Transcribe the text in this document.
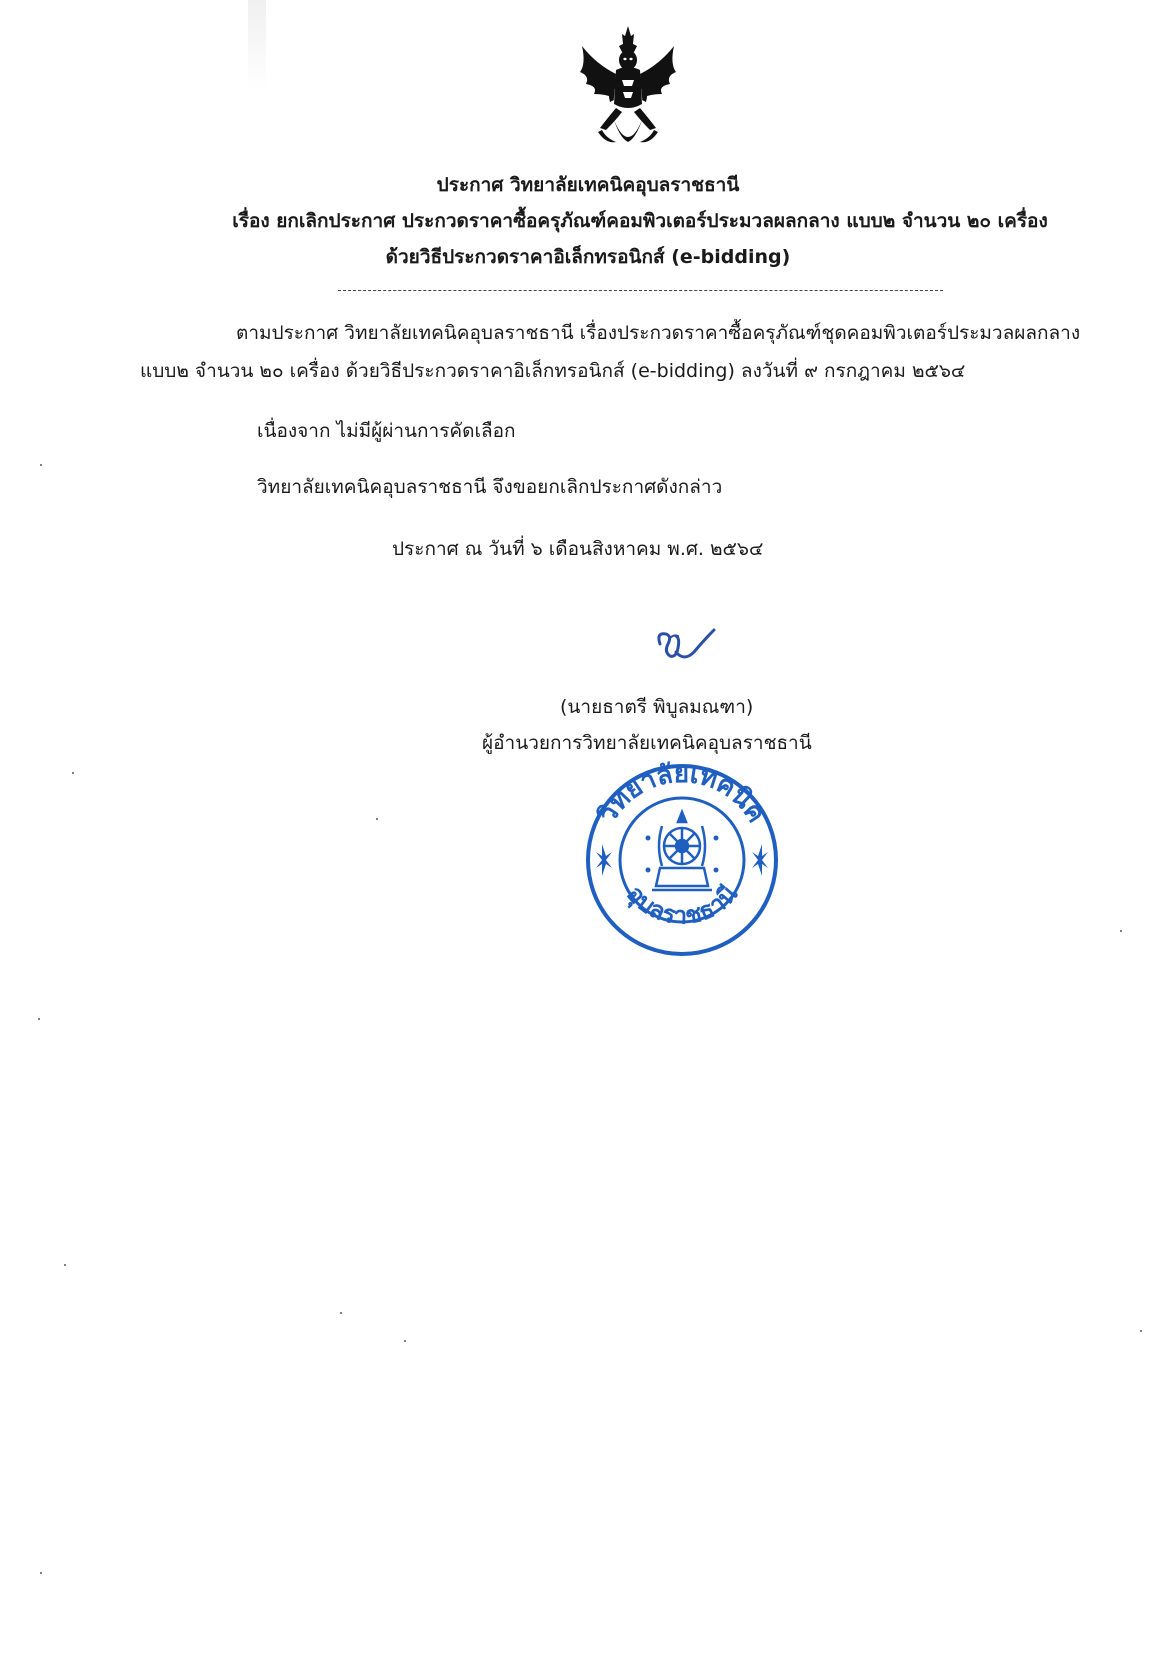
ประกาศ วิทยาลัยเทคนิคอุบลราชธานี
เรื่อง ยกเลิกประกาศ ประกวดราคาซื้อครุภัณฑ์คอมพิวเตอร์ประมวลผลกลาง แบบ๒ จำนวน ๒๐ เครื่อง
ด้วยวิธีประกวดราคาอิเล็กทรอนิกส์ (e-bidding)
ตามประกาศ วิทยาลัยเทคนิคอุบลราชธานี เรื่องประกวดราคาซื้อครุภัณฑ์ชุดคอมพิวเตอร์ประมวลผลกลาง
แบบ๒ จำนวน ๒๐ เครื่อง ด้วยวิธีประกวดราคาอิเล็กทรอนิกส์ (e-bidding) ลงวันที่ ๙ กรกฎาคม ๒๕๖๔
เนื่องจาก ไม่มีผู้ผ่านการคัดเลือก
วิทยาลัยเทคนิคอุบลราชธานี จึงขอยกเลิกประกาศดังกล่าว
ประกาศ ณ วันที่ ๖ เดือนสิงหาคม พ.ศ. ๒๕๖๔
(นายธาตรี พิบูลมณฑา)
ผู้อำนวยการวิทยาลัยเทคนิคอุบลราชธานี
วิทยาลัยเทคนิค
อุบลราชธานี
